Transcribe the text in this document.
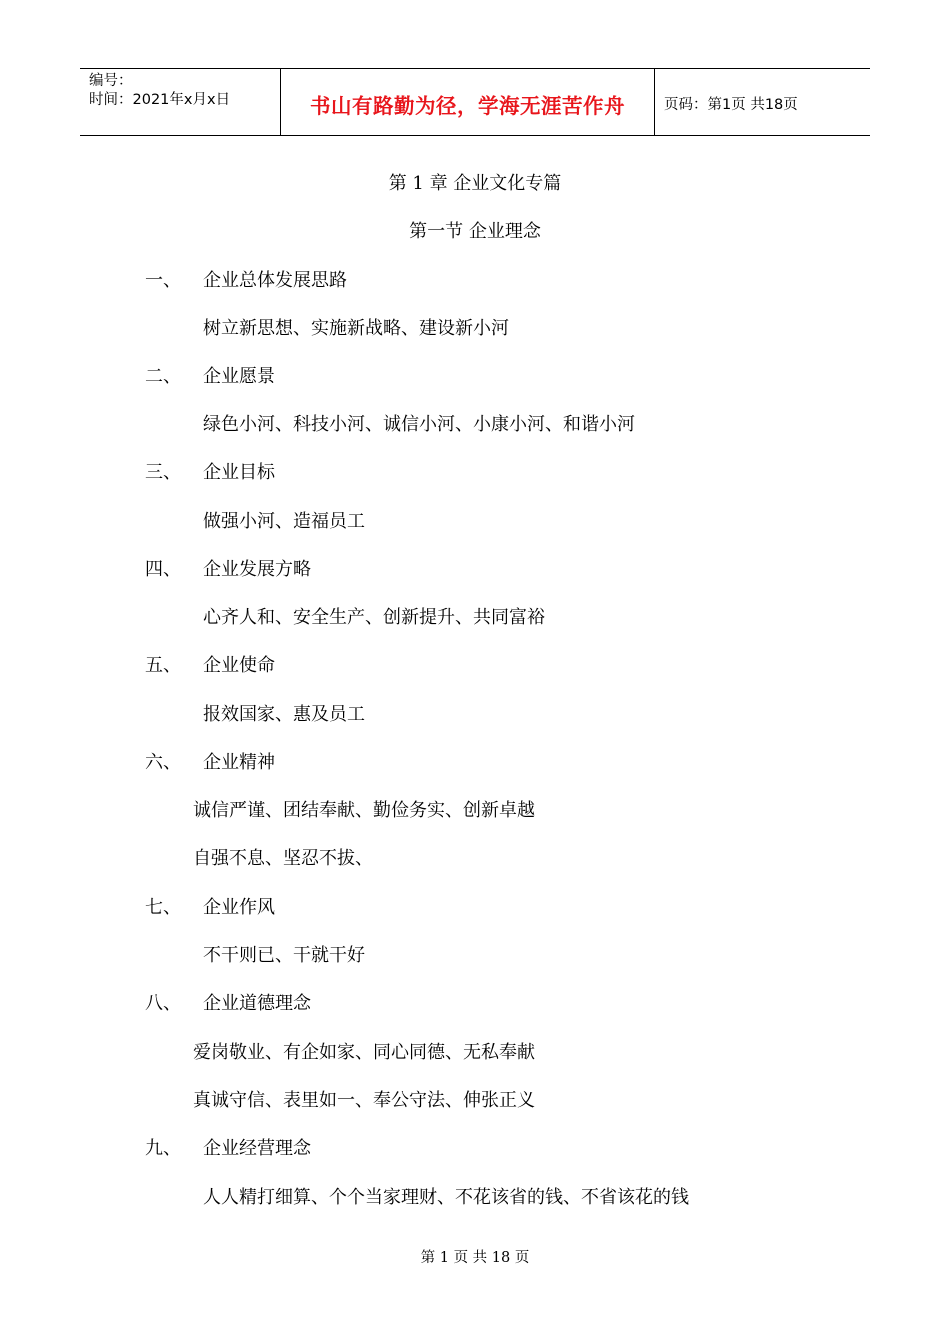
编号：
时间：2021年x月x日	书山有路勤为径，学海无涯苦作舟	页码：第1页 共18页
第 1 章 企业文化专篇
第一节 企业理念
一、 企业总体发展思路
树立新思想、实施新战略、建设新小河
二、 企业愿景
绿色小河、科技小河、诚信小河、小康小河、和谐小河
三、 企业目标
做强小河、造福员工
四、 企业发展方略
心齐人和、安全生产、创新提升、共同富裕
五、 企业使命
报效国家、惠及员工
六、 企业精神
诚信严谨、团结奉献、勤俭务实、创新卓越
自强不息、坚忍不拔、
七、 企业作风
不干则已、干就干好
八、 企业道德理念
爱岗敬业、有企如家、同心同德、无私奉献
真诚守信、表里如一、奉公守法、伸张正义
九、 企业经营理念
人人精打细算、个个当家理财、不花该省的钱、不省该花的钱
第 1 页 共 18 页
